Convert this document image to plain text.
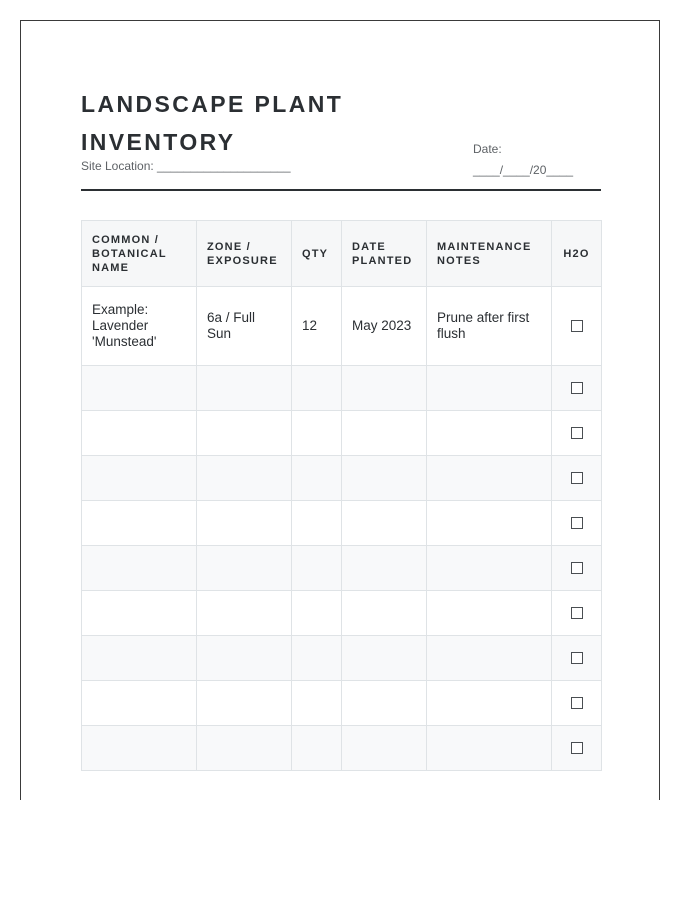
LANDSCAPE PLANT INVENTORY
Site Location: ____________________
Date:
____/____/20____
COMMON / BOTANICAL NAME	ZONE / EXPOSURE	QTY	DATE PLANTED	MAINTENANCE NOTES	H2O
Example: Lavender 'Munstead'	6a / Full Sun	12	May 2023	Prune after first flush	
